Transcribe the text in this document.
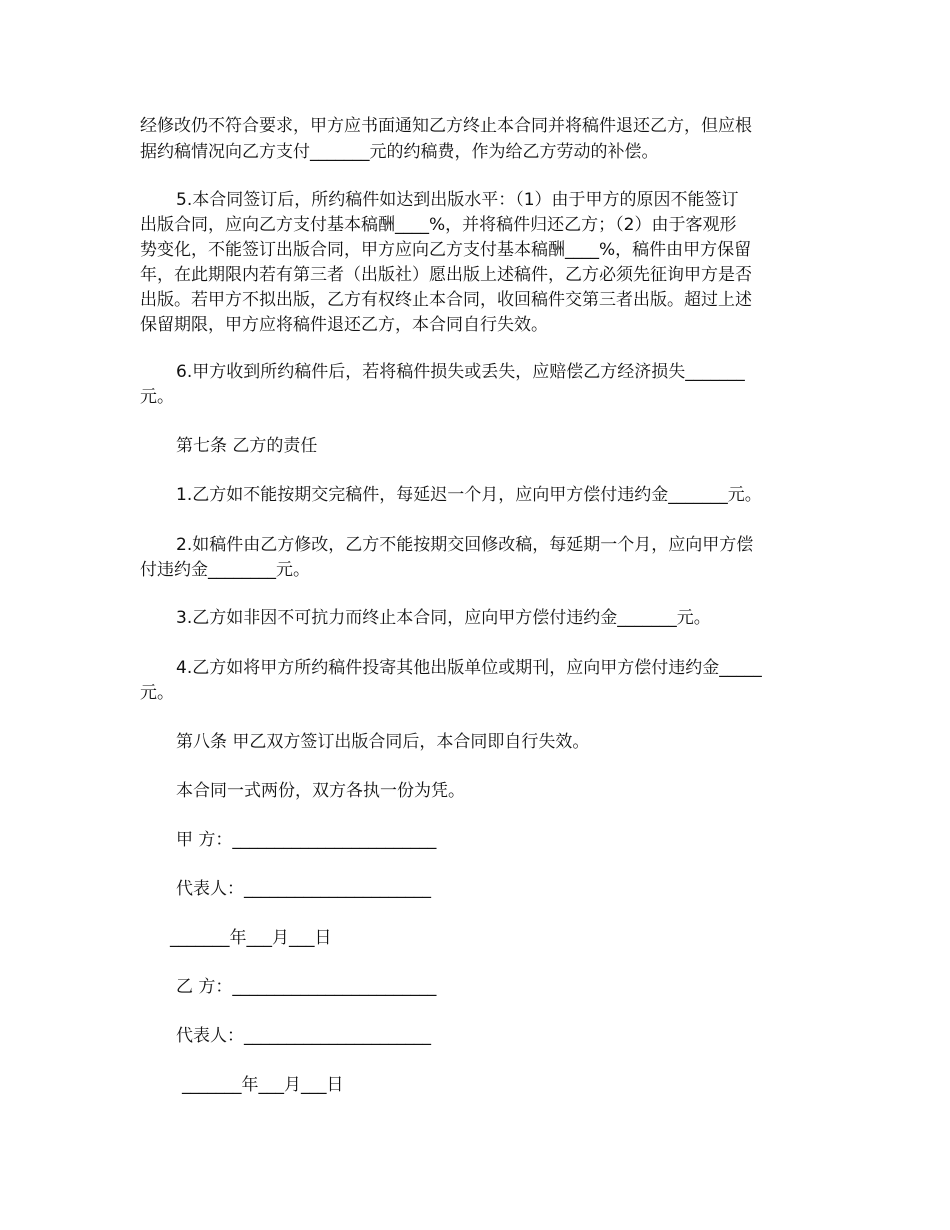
经修改仍不符合要求，甲方应书面通知乙方终止本合同并将稿件退还乙方，但应根
据约稿情况向乙方支付_______元的约稿费，作为给乙方劳动的补偿。
5.本合同签订后，所约稿件如达到出版水平：（1）由于甲方的原因不能签订
出版合同，应向乙方支付基本稿酬____%，并将稿件归还乙方；（2）由于客观形
势变化，不能签订出版合同，甲方应向乙方支付基本稿酬____%，稿件由甲方保留
年，在此期限内若有第三者（出版社）愿出版上述稿件，乙方必须先征询甲方是否
出版。若甲方不拟出版，乙方有权终止本合同，收回稿件交第三者出版。超过上述
保留期限，甲方应将稿件退还乙方，本合同自行失效。
6.甲方收到所约稿件后，若将稿件损失或丢失，应赔偿乙方经济损失_______
元。
第七条 乙方的责任
1.乙方如不能按期交完稿件，每延迟一个月，应向甲方偿付违约金_______元。
2.如稿件由乙方修改，乙方不能按期交回修改稿，每延期一个月，应向甲方偿
付违约金________元。
3.乙方如非因不可抗力而终止本合同，应向甲方偿付违约金_______元。
4.乙方如将甲方所约稿件投寄其他出版单位或期刊，应向甲方偿付违约金_____
元。
第八条 甲乙双方签订出版合同后，本合同即自行失效。
本合同一式两份，双方各执一份为凭。
甲 方：________________________
代表人：______________________
_______年___月___日
乙 方：________________________
代表人：______________________
_______年___月___日
